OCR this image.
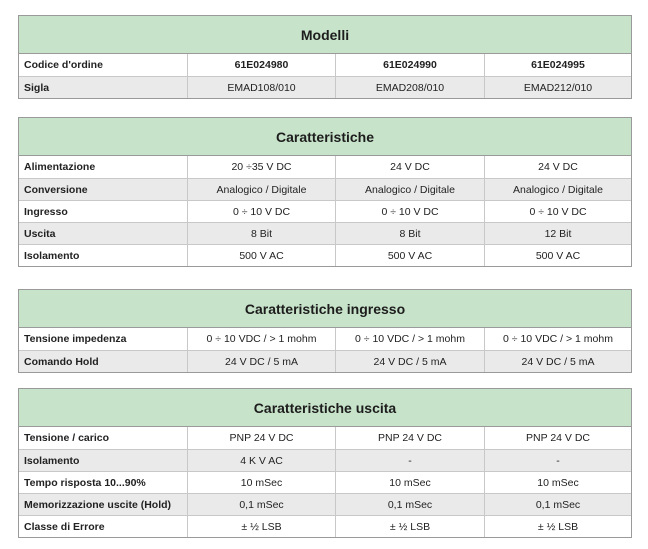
Modelli
Codice d'ordine	61E024980	61E024990	61E024995
Sigla	EMAD108/010	EMAD208/010	EMAD212/010
Caratteristiche
Alimentazione	20 ÷35 V DC	24 V DC	24 V DC
Conversione	Analogico / Digitale	Analogico / Digitale	Analogico / Digitale
Ingresso	0 ÷ 10 V DC	0 ÷ 10 V DC	0 ÷ 10 V DC
Uscita	8 Bit	8 Bit	12 Bit
Isolamento	500 V AC	500 V AC	500 V AC
Caratteristiche ingresso
Tensione impedenza	0 ÷ 10 VDC / > 1 mohm	0 ÷ 10 VDC / > 1 mohm	0 ÷ 10 VDC / > 1 mohm
Comando Hold	24 V DC / 5 mA	24 V DC / 5 mA	24 V DC / 5 mA
Caratteristiche uscita
Tensione / carico	PNP 24 V DC	PNP 24 V DC	PNP 24 V DC
Isolamento	4 K V AC	-	-
Tempo risposta 10...90%	10 mSec	10 mSec	10 mSec
Memorizzazione uscite (Hold)	0,1 mSec	0,1 mSec	0,1 mSec
Classe di Errore	± ½ LSB	± ½ LSB	± ½ LSB
